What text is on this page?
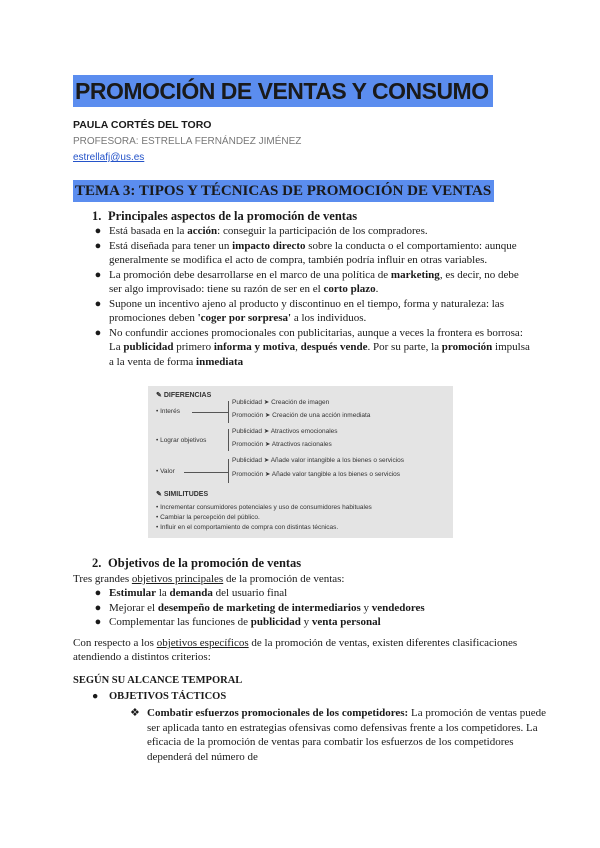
PROMOCIÓN DE VENTAS Y CONSUMO
PAULA CORTÉS DEL TORO
PROFESORA: ESTRELLA FERNÁNDEZ JIMÉNEZ
estrellafj@us.es
TEMA 3: TIPOS Y TÉCNICAS DE PROMOCIÓN DE VENTAS
1. Principales aspectos de la promoción de ventas
● Está basada en la acción: conseguir la participación de los compradores.
● Está diseñada para tener un impacto directo sobre la conducta o el comportamiento: aunque generalmente se modifica el acto de compra, también podría influir en otras variables.
● La promoción debe desarrollarse en el marco de una política de marketing, es decir, no debe ser algo improvisado: tiene su razón de ser en el corto plazo.
● Supone un incentivo ajeno al producto y discontinuo en el tiempo, forma y naturaleza: las promociones deben 'coger por sorpresa' a los individuos.
● No confundir acciones promocionales con publicitarias, aunque a veces la frontera es borrosa: La publicidad primero informa y motiva, después vende. Por su parte, la promoción impulsa a la venta de forma inmediata
✎ DIFERENCIAS
• Interés
Publicidad ➤ Creación de imagen
Promoción ➤ Creación de una acción inmediata
• Lograr objetivos
Publicidad ➤ Atractivos emocionales
Promoción ➤ Atractivos racionales
• Valor
Publicidad ➤ Añade valor intangible a los bienes o servicios
Promoción ➤ Añade valor tangible a los bienes o servicios
✎ SIMILITUDES
• Incrementar consumidores potenciales y uso de consumidores habituales
• Cambiar la percepción del público.
• Influir en el comportamiento de compra con distintas técnicas.
2. Objetivos de la promoción de ventas
Tres grandes objetivos principales de la promoción de ventas:
● Estimular la demanda del usuario final
● Mejorar el desempeño de marketing de intermediarios y vendedores
● Complementar las funciones de publicidad y venta personal
Con respecto a los objetivos específicos de la promoción de ventas, existen diferentes clasificaciones atendiendo a distintos criterios:
SEGÚN SU ALCANCE TEMPORAL
● OBJETIVOS TÁCTICOS
❖ Combatir esfuerzos promocionales de los competidores: La promoción de ventas puede ser aplicada tanto en estrategias ofensivas como defensivas frente a los competidores. La eficacia de la promoción de ventas para combatir los esfuerzos de los competidores dependerá del número de
